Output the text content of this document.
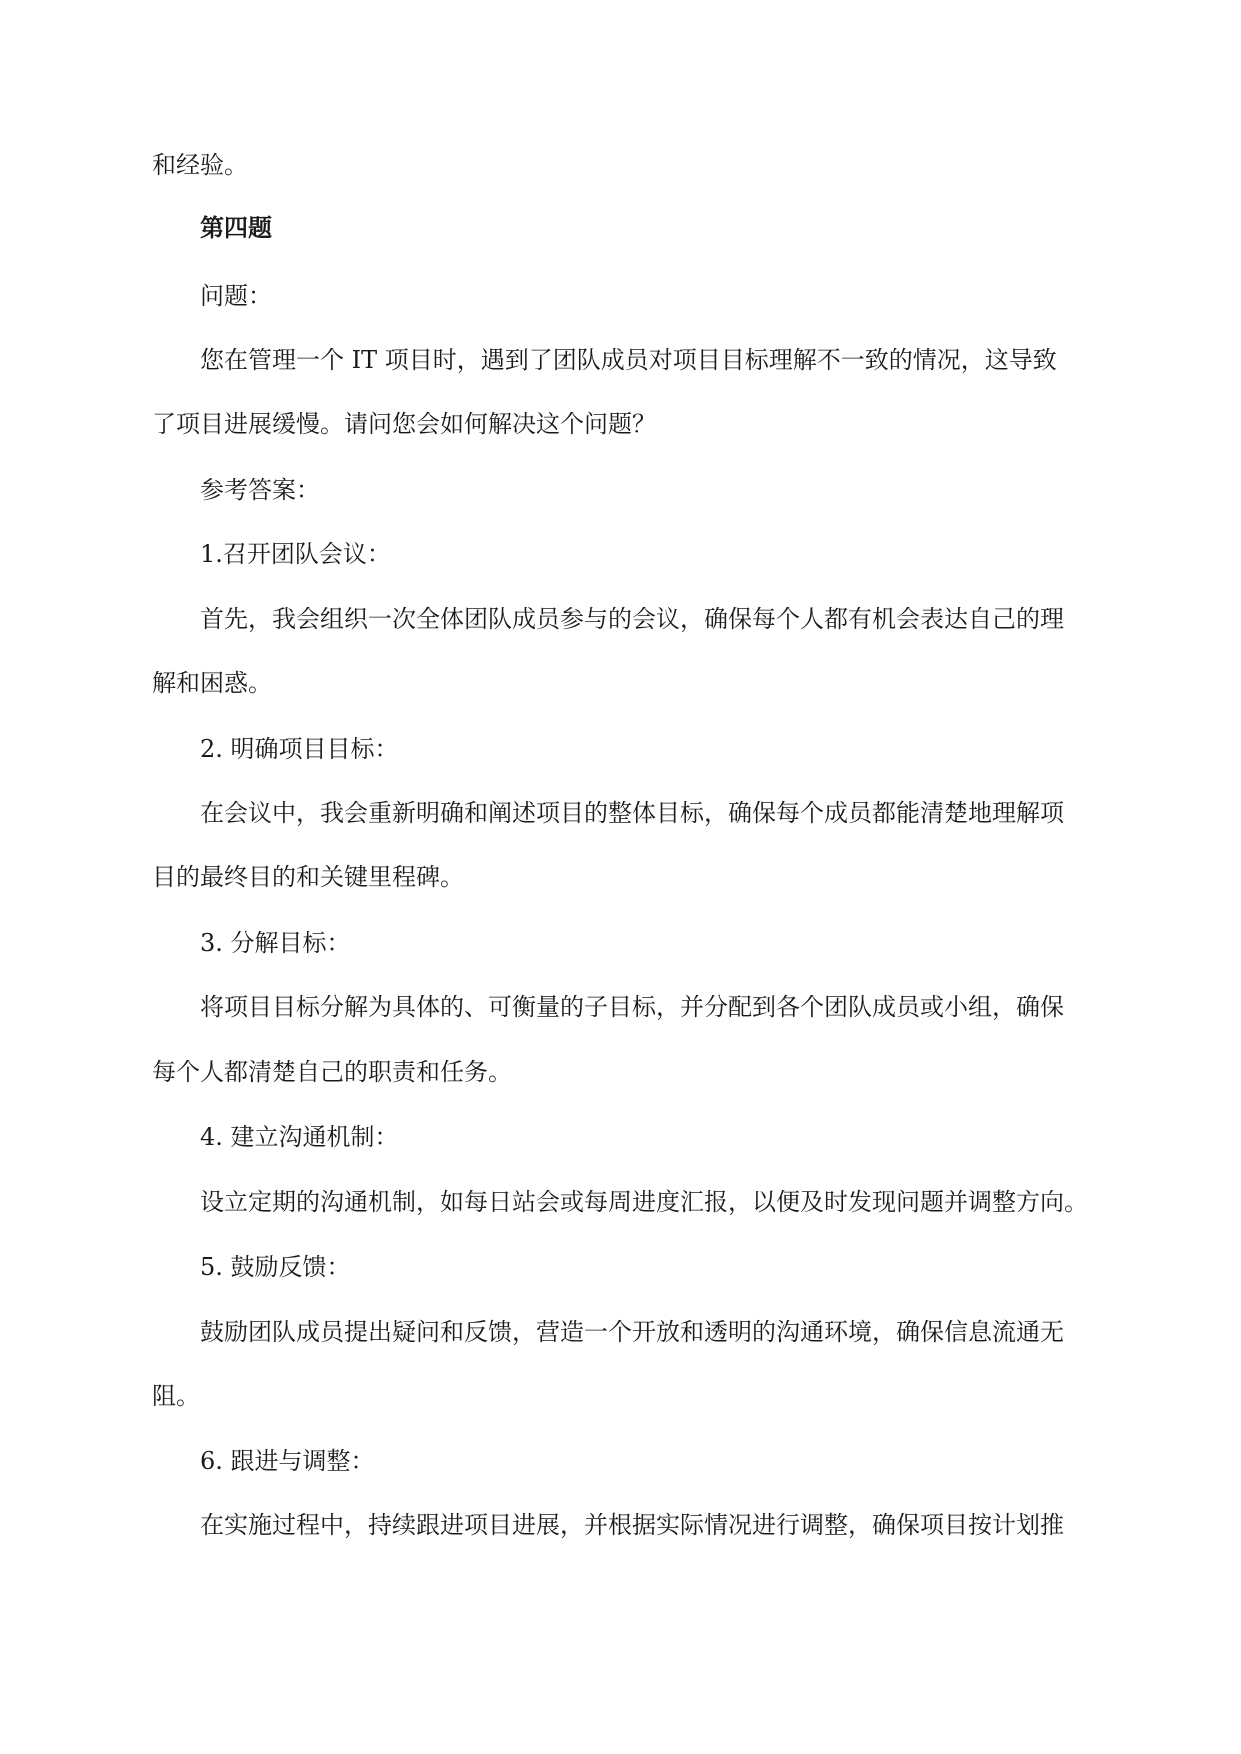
和经验。

第四题

问题：

您在管理一个 IT 项目时，遇到了团队成员对项目目标理解不一致的情况，这导致

了项目进展缓慢。请问您会如何解决这个问题？

参考答案：

1.召开团队会议：

首先，我会组织一次全体团队成员参与的会议，确保每个人都有机会表达自己的理

解和困惑。

2. 明确项目目标：

在会议中，我会重新明确和阐述项目的整体目标，确保每个成员都能清楚地理解项

目的最终目的和关键里程碑。

3. 分解目标：

将项目目标分解为具体的、可衡量的子目标，并分配到各个团队成员或小组，确保

每个人都清楚自己的职责和任务。

4. 建立沟通机制：

设立定期的沟通机制，如每日站会或每周进度汇报，以便及时发现问题并调整方向。

5. 鼓励反馈：

鼓励团队成员提出疑问和反馈，营造一个开放和透明的沟通环境，确保信息流通无

阻。

6. 跟进与调整：

在实施过程中，持续跟进项目进展，并根据实际情况进行调整，确保项目按计划推
